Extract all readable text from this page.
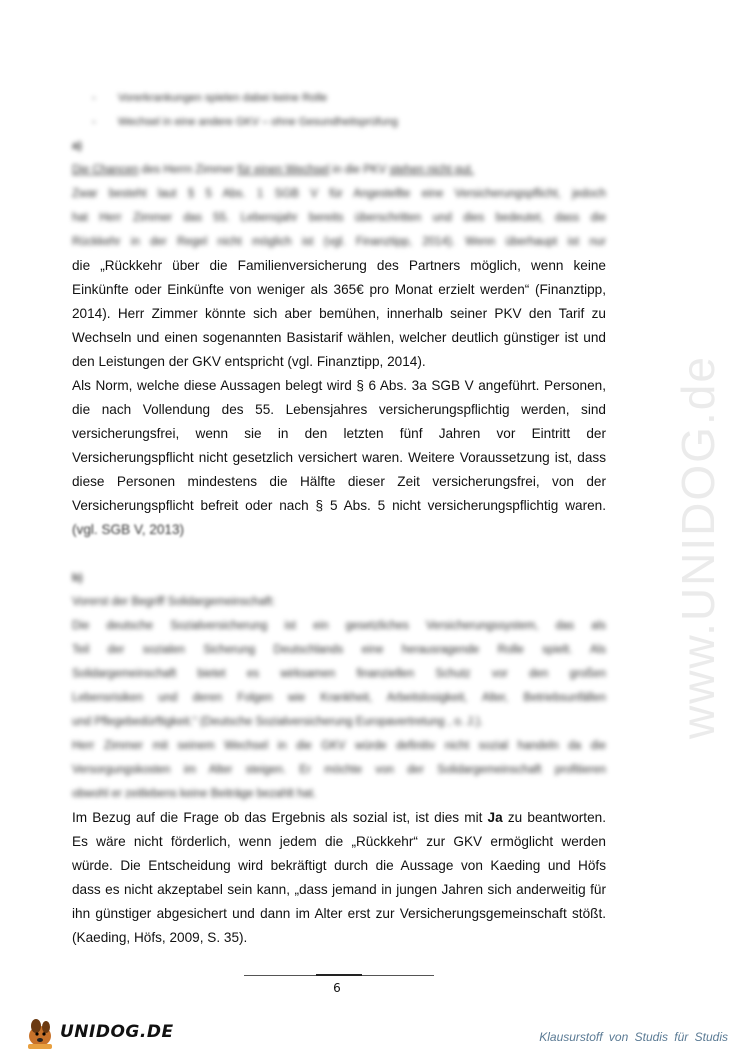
- Vorerkrankungen spielen dabei keine Rolle
- Wechsel in eine andere GKV – ohne Gesundheitsprüfung
a)
Die Chancen des Herrn Zimmer für einen Wechsel in die PKV stehen nicht gut.
Zwar besteht laut § 5 Abs. 1 SGB V für Angestellte eine Versicherungspflicht, jedoch
hat Herr Zimmer das 55. Lebensjahr bereits überschritten und dies bedeutet, dass die
Rückkehr in der Regel nicht möglich ist (vgl. Finanztipp, 2014). Wenn überhaupt ist nur
die „Rückkehr über die Familienversicherung des Partners möglich, wenn keine
Einkünfte oder Einkünfte von weniger als 365€ pro Monat erzielt werden“ (Finanztipp,
2014). Herr Zimmer könnte sich aber bemühen, innerhalb seiner PKV den Tarif zu
Wechseln und einen sogenannten Basistarif wählen, welcher deutlich günstiger ist und
den Leistungen der GKV entspricht (vgl. Finanztipp, 2014).
Als Norm, welche diese Aussagen belegt wird § 6 Abs. 3a SGB V angeführt. Personen,
die nach Vollendung des 55. Lebensjahres versicherungspflichtig werden, sind
versicherungsfrei, wenn sie in den letzten fünf Jahren vor Eintritt der
Versicherungspflicht nicht gesetzlich versichert waren. Weitere Voraussetzung ist, dass
diese Personen mindestens die Hälfte dieser Zeit versicherungsfrei, von der
Versicherungspflicht befreit oder nach § 5 Abs. 5 nicht versicherungspflichtig waren.
(vgl. SGB V, 2013)
b)
Vorerst der Begriff Solidargemeinschaft:
Die deutsche Sozialversicherung ist ein gesetzliches Versicherungssystem, das als
Teil der sozialen Sicherung Deutschlands eine herausragende Rolle spielt. Als
Solidargemeinschaft bietet es wirksamen finanziellen Schutz vor den großen
Lebensrisiken und deren Folgen wie Krankheit, Arbeitslosigkeit, Alter, Betriebsunfällen
und Pflegebedürftigkeit.“ (Deutsche Sozialversicherung Europavertretung , o. J.).
Herr Zimmer mit seinem Wechsel in die GKV würde definitiv nicht sozial handeln da die
Versorgungskosten im Alter steigen. Er möchte von der Solidargemeinschaft profitieren
obwohl er zeitlebens keine Beiträge bezahlt hat.
Im Bezug auf die Frage ob das Ergebnis als sozial ist, ist dies mit Ja zu beantworten.
Es wäre nicht förderlich, wenn jedem die „Rückkehr“ zur GKV ermöglicht werden
würde. Die Entscheidung wird bekräftigt durch die Aussage von Kaeding und Höfs
dass es nicht akzeptabel sein kann, „dass jemand in jungen Jahren sich anderweitig für
ihn günstiger abgesichert und dann im Alter erst zur Versicherungsgemeinschaft stößt.
(Kaeding, Höfs, 2009, S. 35).
www.UNIDOG.de
6
UNIDOG.DE	Klausurstoff von Studis für Studis
